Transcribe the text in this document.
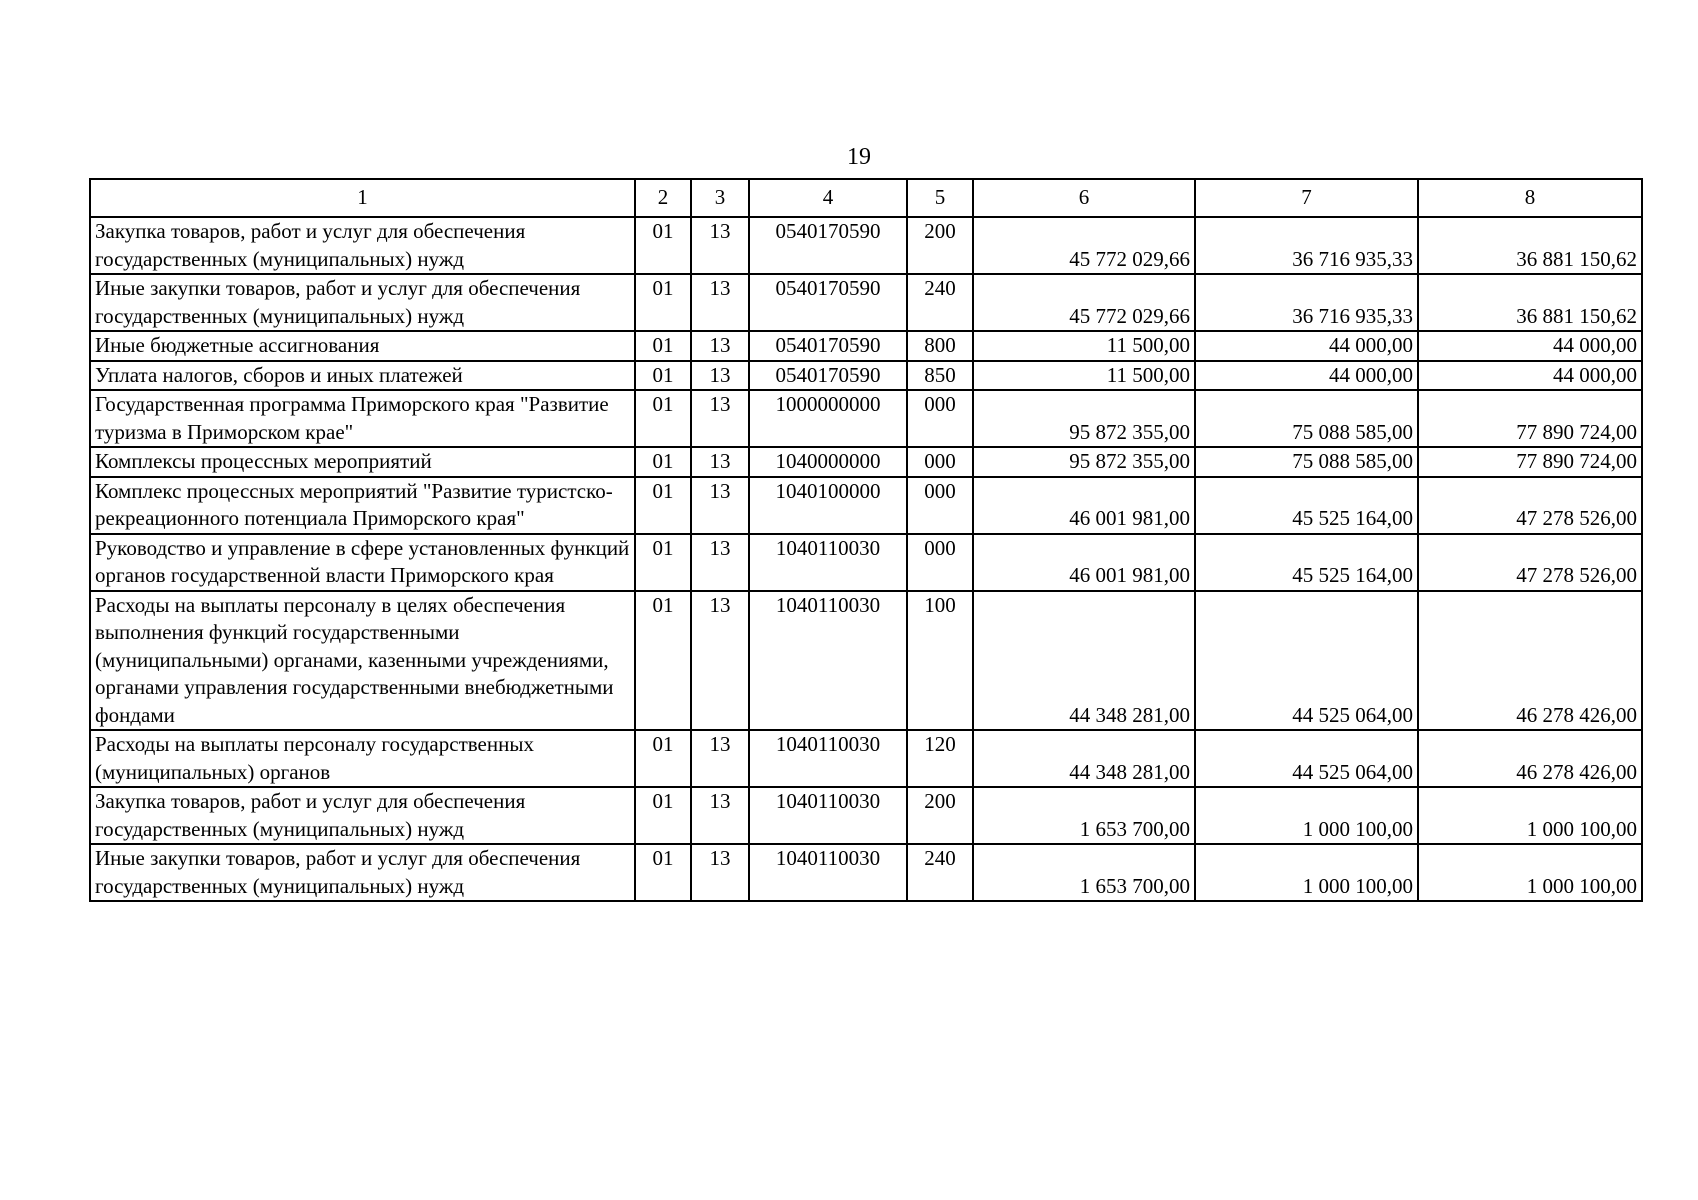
19
1	2	3	4	5	6	7	8
Закупка товаров, работ и услуг для обеспечения государственных (муниципальных) нужд	01	13	0540170590	200	45 772 029,66	36 716 935,33	36 881 150,62
Иные закупки товаров, работ и услуг для обеспечения государственных (муниципальных) нужд	01	13	0540170590	240	45 772 029,66	36 716 935,33	36 881 150,62
Иные бюджетные ассигнования	01	13	0540170590	800	11 500,00	44 000,00	44 000,00
Уплата налогов, сборов и иных платежей	01	13	0540170590	850	11 500,00	44 000,00	44 000,00
Государственная программа Приморского края "Развитие туризма в Приморском крае"	01	13	1000000000	000	95 872 355,00	75 088 585,00	77 890 724,00
Комплексы процессных мероприятий	01	13	1040000000	000	95 872 355,00	75 088 585,00	77 890 724,00
Комплекс процессных мероприятий "Развитие туристско-рекреационного потенциала Приморского края"	01	13	1040100000	000	46 001 981,00	45 525 164,00	47 278 526,00
Руководство и управление в сфере установленных функций органов государственной власти Приморского края	01	13	1040110030	000	46 001 981,00	45 525 164,00	47 278 526,00
Расходы на выплаты персоналу в целях обеспечения выполнения функций государственными (муниципальными) органами, казенными учреждениями, органами управления государственными внебюджетными фондами	01	13	1040110030	100	44 348 281,00	44 525 064,00	46 278 426,00
Расходы на выплаты персоналу государственных (муниципальных) органов	01	13	1040110030	120	44 348 281,00	44 525 064,00	46 278 426,00
Закупка товаров, работ и услуг для обеспечения государственных (муниципальных) нужд	01	13	1040110030	200	1 653 700,00	1 000 100,00	1 000 100,00
Иные закупки товаров, работ и услуг для обеспечения государственных (муниципальных) нужд	01	13	1040110030	240	1 653 700,00	1 000 100,00	1 000 100,00
